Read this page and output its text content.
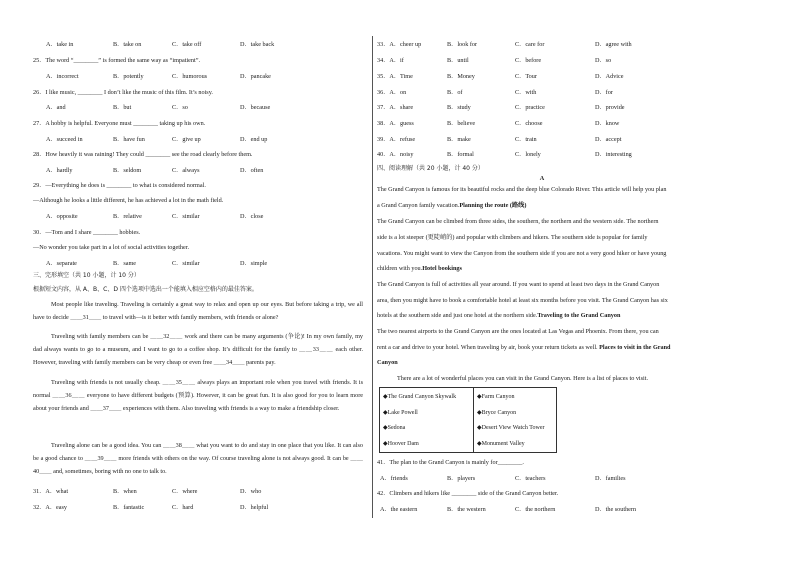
A．take in	B．take on	C．take off	D．take back
25．The word “________” is formed the same way as “impatient”.
A．incorrect	B．potently	C．humorous	D．pancake
26．I like music, ________ I don’t like the music of this film. It’s noisy.
A．and	B．but	C．so	D．because
27．A hobby is helpful. Everyone must ________ taking up his own.
A．succeed in	B．have fun	C．give up	D．end up
28．How heavily it was raining! They could ________ see the road clearly before them.
A．hardly	B．seldom	C．always	D．often
29．—Everything he does is ________ to what is considered normal.
—Although he looks a little different, he has achieved a lot in the math field.
A．opposite	B．relative	C．similar	D．close
30．—Tom and I share ________ hobbies.
—No wonder you take part in a lot of social activities together.
A．separate	B．same	C．similar	D．simple
三、完形填空（共 10 小题，计 10 分）
根据短文内容，从 A、B、C、D 四个选项中选出一个能填入相应空格内的最佳答案。
Most people like traveling. Traveling is certainly a great way to relax and open up our eyes. But before taking a trip, we all have to decide ＿＿31＿＿ to travel with—is it better with family members, with friends or alone?
Traveling with family members can be ＿＿32＿＿ work and there can be many arguments (争论)! In my own family, my dad always wants to go to a museum, and I want to go to a coffee shop. It’s difficult for the family to ＿＿33＿＿ each other. However, traveling with family members can be very cheap or even free ＿＿34＿＿ parents pay.
Traveling with friends is not usually cheap. ＿＿35＿＿ always plays an important role when you travel with friends. It is normal ＿＿36＿＿ everyone to have different budgets (预算). However, it can be great fun. It is also good for you to learn more about your friends and ＿＿37＿＿ experiences with them. Also traveling with friends is a way to make a friendship closer.
Traveling alone can be a good idea. You can ＿＿38＿＿ what you want to do and stay in one place that you like. It can also be a good chance to ＿＿39＿＿ more friends with others on the way. Of course traveling alone is not always good. It can be ＿＿40＿＿ and, sometimes, boring with no one to talk to.
31．A．what	B．when	C．where	D．who
32．A．easy	B．fantastic	C．hard	D．helpful
33．A．cheer up	B．look for	C．care for	D．agree with
34．A．if	B．until	C．before	D．so
35．A．Time	B．Money	C．Tour	D．Advice
36．A．on	B．of	C．with	D．for
37．A．share	B．study	C．practice	D．provide
38．A．guess	B．believe	C．choose	D．know
39．A．refuse	B．make	C．train	D．accept
40．A．noisy	B．formal	C．lonely	D．interesting
四、阅读理解（共 20 小题，计 40 分）
A
The Grand Canyon is famous for its beautiful rocks and the deep blue Colorado River. This article will help you plan
a Grand Canyon family vacation.Planning the route (路线)
The Grand Canyon can be climbed from three sides, the southern, the northern and the western side. The northern
side is a lot steeper (更陡峭的) and popular with climbers and hikers. The southern side is popular for family
vacations. You might want to view the Canyon from the southern side if you are not a very good hiker or have young
children with you.Hotel bookings
The Grand Canyon is full of activities all year around. If you want to spend at least two days in the Grand Canyon
area, then you might have to book a comfortable hotel at least six months before you visit. The Grand Canyon has six
hotels at the southern side and just one hotel at the northern side.Traveling to the Grand Canyon
The two nearest airports to the Grand Canyon are the ones located at Las Vegas and Phoenix. From there, you can
rent a car and drive to your hotel. When traveling by air, book your return tickets as well. Places to visit in the Grand
Canyon
There are a lot of wonderful places you can visit in the Grand Canyon. Here is a list of places to visit.
◆The Grand Canyon Skywalk	◆Farm Canyon
◆Lake Powell	◆Bryce Canyon
◆Sedona	◆Desert View Watch Tower
◆Hoover Dam	◆Monument Valley
41．The plan to the Grand Canyon is mainly for________.
A．friends	B．players	C．teachers	D．families
42．Climbers and hikers like ________ side of the Grand Canyon better.
A．the eastern	B．the western	C．the northern	D．the southern
